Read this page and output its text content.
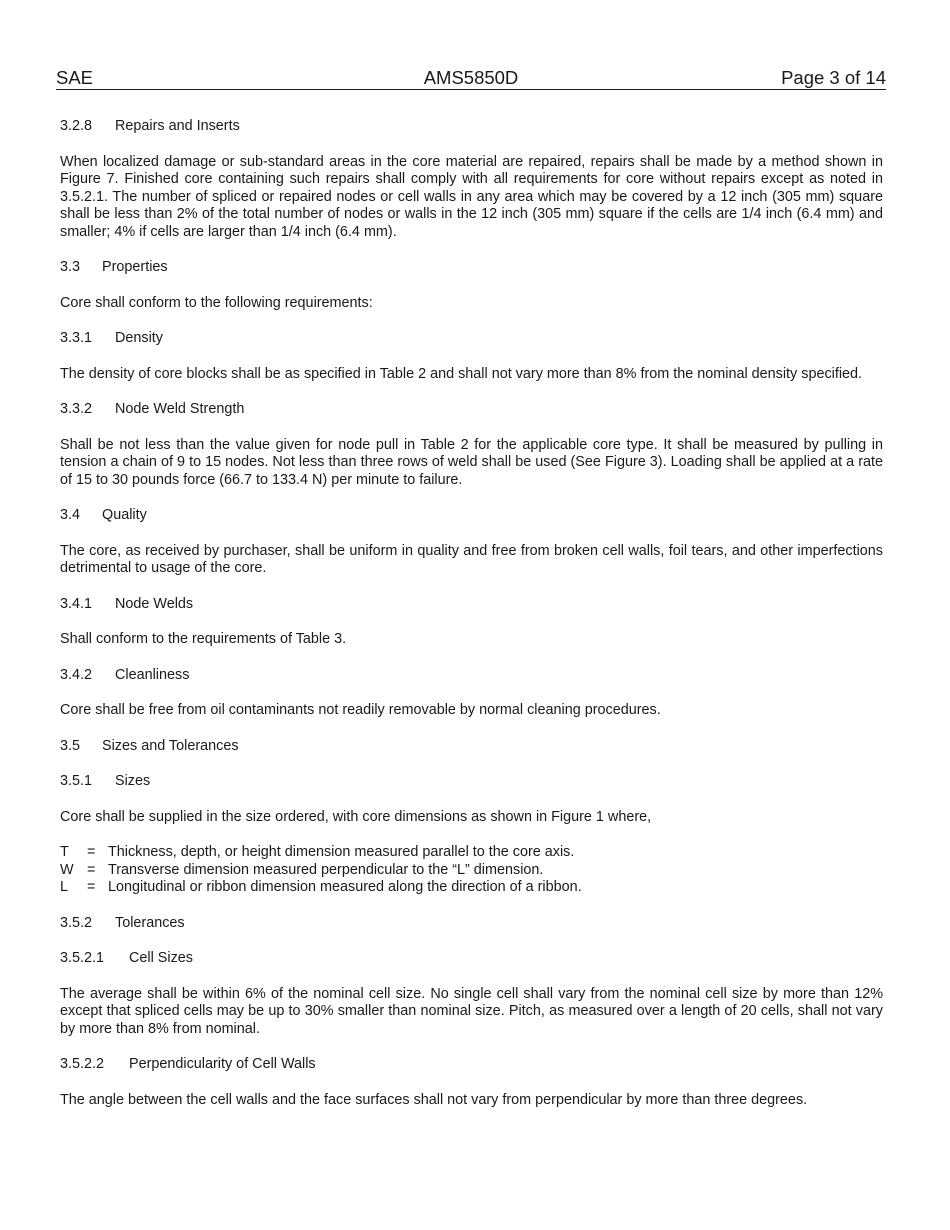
SAE	AMS5850D	Page 3 of 14
3.2.8 Repairs and Inserts

When localized damage or sub-standard areas in the core material are repaired, repairs shall be made by a method shown in Figure 7. Finished core containing such repairs shall comply with all requirements for core without repairs except as noted in 3.5.2.1. The number of spliced or repaired nodes or cell walls in any area which may be covered by a 12 inch (305 mm) square shall be less than 2% of the total number of nodes or walls in the 12 inch (305 mm) square if the cells are 1/4 inch (6.4 mm) and smaller; 4% if cells are larger than 1/4 inch (6.4 mm).

3.3 Properties

Core shall conform to the following requirements:

3.3.1 Density

The density of core blocks shall be as specified in Table 2 and shall not vary more than 8% from the nominal density specified.

3.3.2 Node Weld Strength

Shall be not less than the value given for node pull in Table 2 for the applicable core type. It shall be measured by pulling in tension a chain of 9 to 15 nodes. Not less than three rows of weld shall be used (See Figure 3). Loading shall be applied at a rate of 15 to 30 pounds force (66.7 to 133.4 N) per minute to failure.

3.4 Quality

The core, as received by purchaser, shall be uniform in quality and free from broken cell walls, foil tears, and other imperfections detrimental to usage of the core.

3.4.1 Node Welds

Shall conform to the requirements of Table 3.

3.4.2 Cleanliness

Core shall be free from oil contaminants not readily removable by normal cleaning procedures.

3.5 Sizes and Tolerances
3.5.1 Sizes

Core shall be supplied in the size ordered, with core dimensions as shown in Figure 1 where,

T = Thickness, depth, or height dimension measured parallel to the core axis.
W = Transverse dimension measured perpendicular to the “L” dimension.
L = Longitudinal or ribbon dimension measured along the direction of a ribbon.
3.5.2 Tolerances
3.5.2.1 Cell Sizes

The average shall be within 6% of the nominal cell size. No single cell shall vary from the nominal cell size by more than 12% except that spliced cells may be up to 30% smaller than nominal size. Pitch, as measured over a length of 20 cells, shall not vary by more than 8% from nominal.

3.5.2.2 Perpendicularity of Cell Walls

The angle between the cell walls and the face surfaces shall not vary from perpendicular by more than three degrees.
